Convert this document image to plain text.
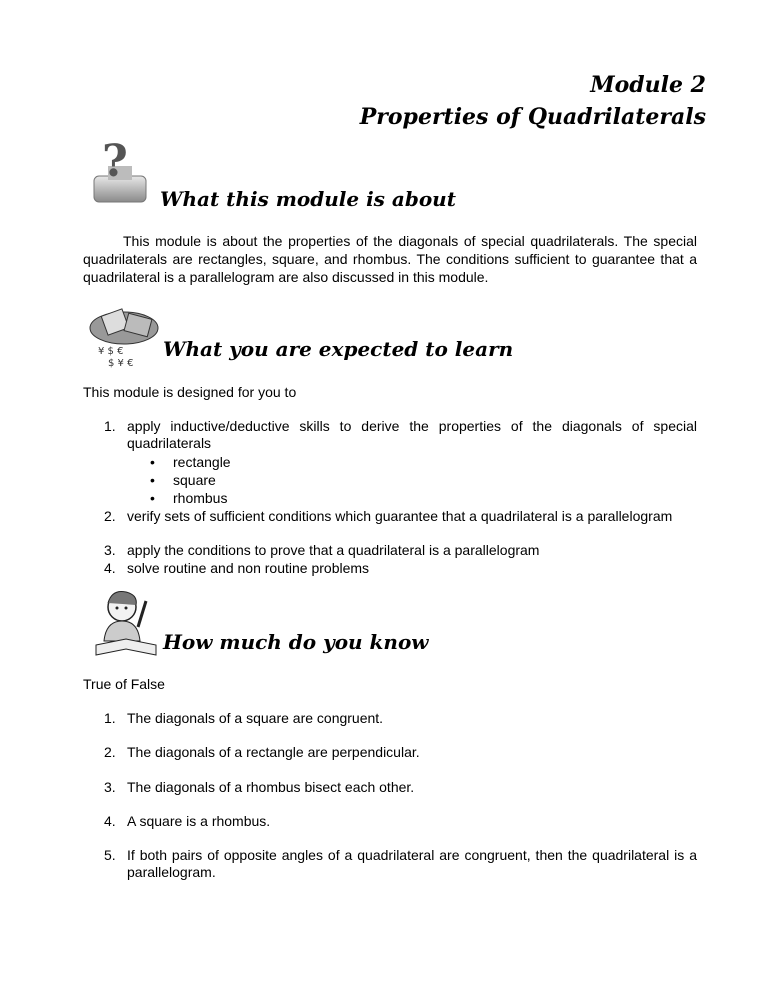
Module 2
Properties of Quadrilaterals
?
What this module is about
This module is about the properties of the diagonals of special quadrilaterals. The special quadrilaterals are rectangles, square, and rhombus. The conditions sufficient to guarantee that a quadrilateral is a parallelogram are also discussed in this module.
¥ $ €
$ ¥ €
What you are expected to learn
This module is designed for you to
1. apply inductive/deductive skills to derive the properties of the diagonals of special quadrilaterals
• rectangle
• square
• rhombus
2. verify sets of sufficient conditions which guarantee that a quadrilateral is a parallelogram
3. apply the conditions to prove that a quadrilateral is a parallelogram
4. solve routine and non routine problems
How much do you know
True of False
1. The diagonals of a square are congruent.
2. The diagonals of a rectangle are perpendicular.
3. The diagonals of a rhombus bisect each other.
4. A square is a rhombus.
5. If both pairs of opposite angles of a quadrilateral are congruent, then the quadrilateral is a parallelogram.
